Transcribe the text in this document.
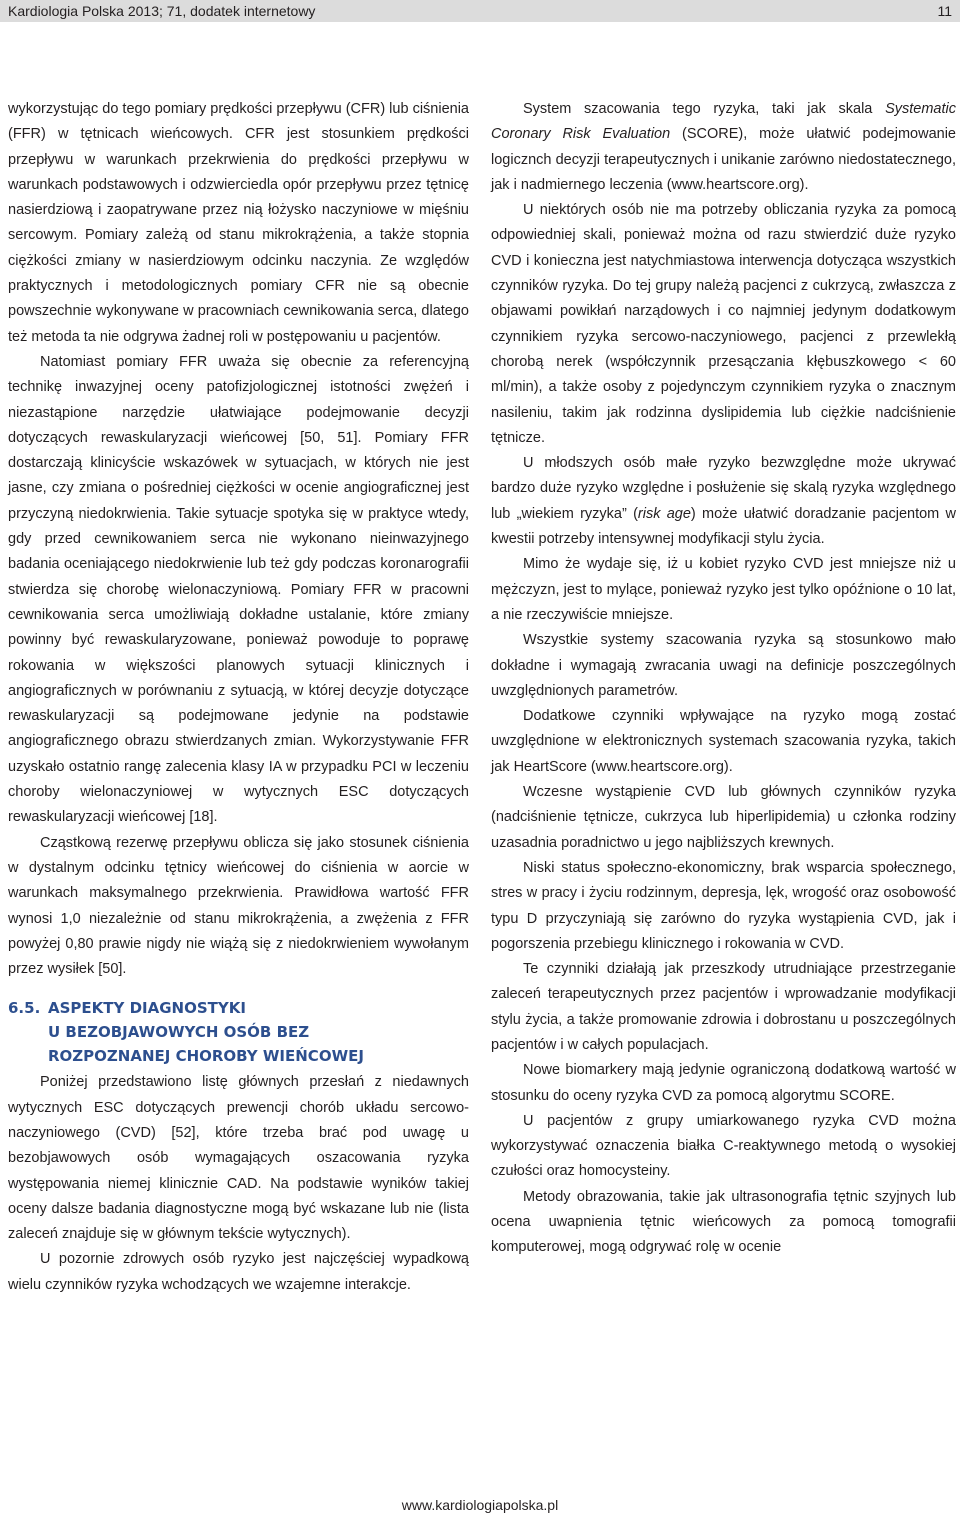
Kardiologia Polska 2013; 71, dodatek internetowy	11

wykorzystując do tego pomiary prędkości przepływu (CFR) lub ciśnienia (FFR) w tętnicach wieńcowych. CFR jest stosunkiem prędkości przepływu w warunkach przekrwienia do prędkości przepływu w warunkach podstawowych i odzwierciedla opór przepływu przez tętnicę nasierdziową i zaopatrywane przez nią łożysko naczyniowe w mięśniu sercowym. Pomiary zależą od stanu mikrokrążenia, a także stopnia ciężkości zmiany w nasierdziowym odcinku naczynia. Ze względów praktycznych i metodologicznych pomiary CFR nie są obecnie powszechnie wykonywane w pracowniach cewnikowania serca, dlatego też metoda ta nie odgrywa żadnej roli w postępowaniu u pacjentów.

Natomiast pomiary FFR uważa się obecnie za referencyjną technikę inwazyjnej oceny patofizjologicznej istotności zwężeń i niezastąpione narzędzie ułatwiające podejmowanie decyzji dotyczących rewaskularyzacji wieńcowej [50, 51]. Pomiary FFR dostarczają klinicyście wskazówek w sytuacjach, w których nie jest jasne, czy zmiana o pośredniej ciężkości w ocenie angiograficznej jest przyczyną niedokrwienia. Takie sytuacje spotyka się w praktyce wtedy, gdy przed cewnikowaniem serca nie wykonano nieinwazyjnego badania oceniającego niedokrwienie lub też gdy podczas koronarografii stwierdza się chorobę wielonaczyniową. Pomiary FFR w pracowni cewnikowania serca umożliwiają dokładne ustalanie, które zmiany powinny być rewaskularyzowane, ponieważ powoduje to poprawę rokowania w większości planowych sytuacji klinicznych i angiograficznych w porównaniu z sytuacją, w której decyzje dotyczące rewaskularyzacji są podejmowane jedynie na podstawie angiograficznego obrazu stwierdzanych zmian. Wykorzystywanie FFR uzyskało ostatnio rangę zalecenia klasy IA w przypadku PCI w leczeniu choroby wielonaczyniowej w wytycznych ESC dotyczących rewaskularyzacji wieńcowej [18].

Cząstkową rezerwę przepływu oblicza się jako stosunek ciśnienia w dystalnym odcinku tętnicy wieńcowej do ciśnienia w aorcie w warunkach maksymalnego przekrwienia. Prawidłowa wartość FFR wynosi 1,0 niezależnie od stanu mikrokrążenia, a zwężenia z FFR powyżej 0,80 prawie nigdy nie wiążą się z niedokrwieniem wywołanym przez wysiłek [50].

6.5. ASPEKTY DIAGNOSTYKI
U BEZOBJAWOWYCH OSÓB BEZ
ROZPOZNANEJ CHOROBY WIEŃCOWEJ

Poniżej przedstawiono listę głównych przesłań z niedawnych wytycznych ESC dotyczących prewencji chorób układu sercowo-naczyniowego (CVD) [52], które trzeba brać pod uwagę u bezobjawowych osób wymagających oszacowania ryzyka występowania niemej klinicznie CAD. Na podstawie wyników takiej oceny dalsze badania diagnostyczne mogą być wskazane lub nie (lista zaleceń znajduje się w głównym tekście wytycznych).

U pozornie zdrowych osób ryzyko jest najczęściej wypadkową wielu czynników ryzyka wchodzących we wzajemne interakcje.

System szacowania tego ryzyka, taki jak skala Systematic Coronary Risk Evaluation (SCORE), może ułatwić podejmowanie logicznch decyzji terapeutycznych i unikanie zarówno niedostatecznego, jak i nadmiernego leczenia (www.heartscore.org).

U niektórych osób nie ma potrzeby obliczania ryzyka za pomocą odpowiedniej skali, ponieważ można od razu stwierdzić duże ryzyko CVD i konieczna jest natychmiastowa interwencja dotycząca wszystkich czynników ryzyka. Do tej grupy należą pacjenci z cukrzycą, zwłaszcza z objawami powikłań narządowych i co najmniej jedynym dodatkowym czynnikiem ryzyka sercowo-naczyniowego, pacjenci z przewlekłą chorobą nerek (współczynnik przesączania kłębuszkowego < 60 ml/min), a także osoby z pojedynczym czynnikiem ryzyka o znacznym nasileniu, takim jak rodzinna dyslipidemia lub ciężkie nadciśnienie tętnicze.

U młodszych osób małe ryzyko bezwzględne może ukrywać bardzo duże ryzyko względne i posłużenie się skalą ryzyka względnego lub „wiekiem ryzyka” (risk age) może ułatwić doradzanie pacjentom w kwestii potrzeby intensywnej modyfikacji stylu życia.

Mimo że wydaje się, iż u kobiet ryzyko CVD jest mniejsze niż u mężczyzn, jest to mylące, ponieważ ryzyko jest tylko opóźnione o 10 lat, a nie rzeczywiście mniejsze.

Wszystkie systemy szacowania ryzyka są stosunkowo mało dokładne i wymagają zwracania uwagi na definicje poszczególnych uwzględnionych parametrów.

Dodatkowe czynniki wpływające na ryzyko mogą zostać uwzględnione w elektronicznych systemach szacowania ryzyka, takich jak HeartScore (www.heartscore.org).

Wczesne wystąpienie CVD lub głównych czynników ryzyka (nadciśnienie tętnicze, cukrzyca lub hiperlipidemia) u członka rodziny uzasadnia poradnictwo u jego najbliższych krewnych.

Niski status społeczno-ekonomiczny, brak wsparcia społecznego, stres w pracy i życiu rodzinnym, depresja, lęk, wrogość oraz osobowość typu D przyczyniają się zarówno do ryzyka wystąpienia CVD, jak i pogorszenia przebiegu klinicznego i rokowania w CVD.

Te czynniki działają jak przeszkody utrudniające przestrzeganie zaleceń terapeutycznych przez pacjentów i wprowadzanie modyfikacji stylu życia, a także promowanie zdrowia i dobrostanu u poszczególnych pacjentów i w całych populacjach.

Nowe biomarkery mają jedynie ograniczoną dodatkową wartość w stosunku do oceny ryzyka CVD za pomocą algorytmu SCORE.

U pacjentów z grupy umiarkowanego ryzyka CVD można wykorzystywać oznaczenia białka C-reaktywnego metodą o wysokiej czułości oraz homocysteiny.

Metody obrazowania, takie jak ultrasonografia tętnic szyjnych lub ocena uwapnienia tętnic wieńcowych za pomocą tomografii komputerowej, mogą odgrywać rolę w ocenie

www.kardiologiapolska.pl
